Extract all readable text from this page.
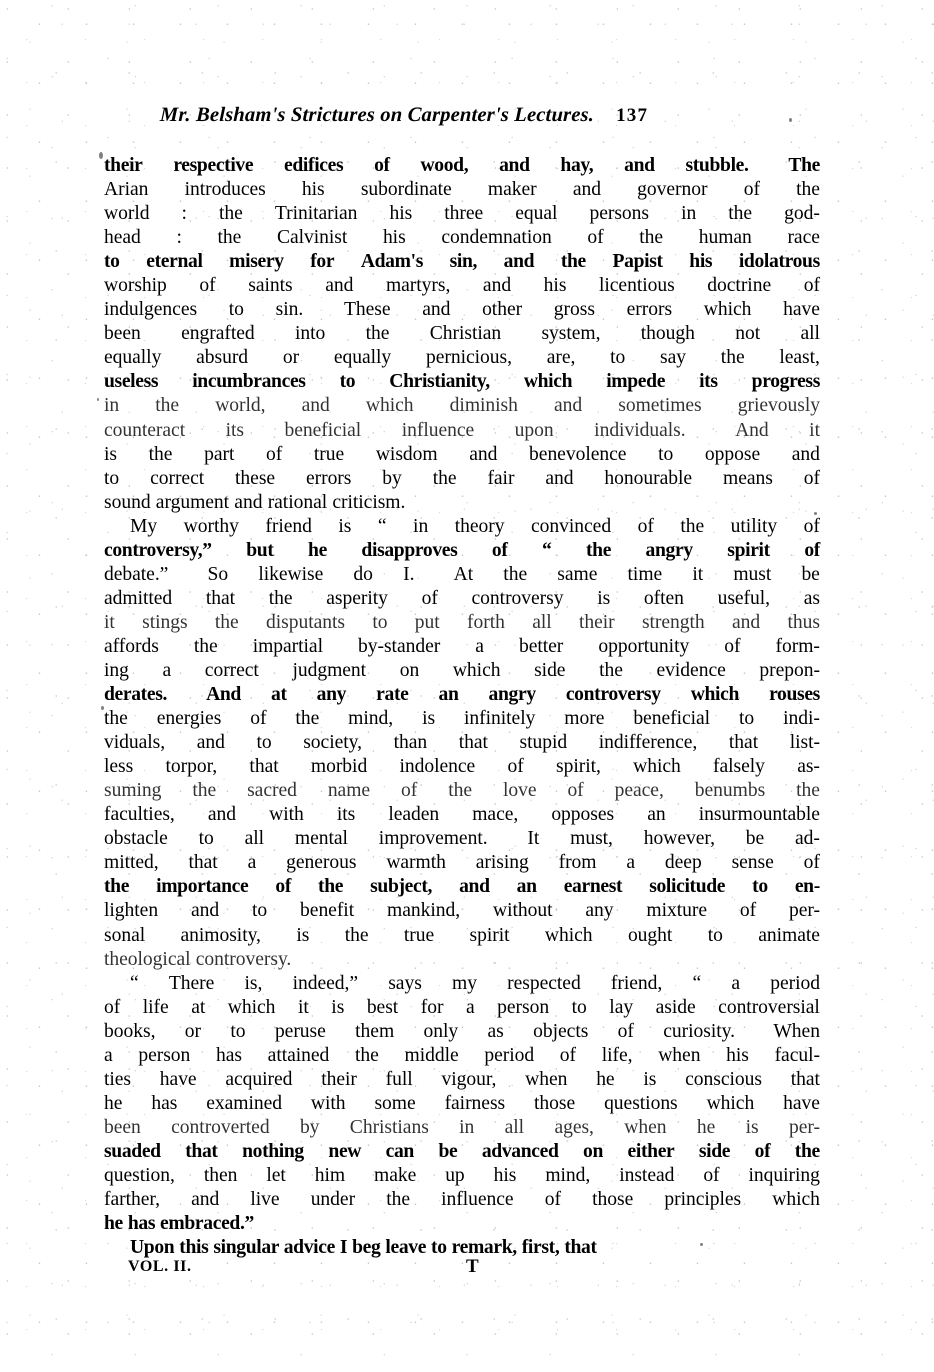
Mr. Belsham's Strictures on Carpenter's Lectures. 137

their respective edifices of wood, and hay, and stubble. The
Arian introduces his subordinate maker and governor of the
world : the Trinitarian his three equal persons in the god-
head : the Calvinist his condemnation of the human race
to eternal misery for Adam's sin, and the Papist his idolatrous
worship of saints and martyrs, and his licentious doctrine of
indulgences to sin. These and other gross errors which have
been engrafted into the Christian system, though not all
equally absurd or equally pernicious, are, to say the least,
useless incumbrances to Christianity, which impede its progress
in the world, and which diminish and sometimes grievously
counteract its beneficial influence upon individuals.	And it
is the part of true wisdom and benevolence to oppose and
to correct these errors by the fair and honourable means of
sound argument and rational criticism.

My worthy friend is “ in theory convinced of the utility of
controversy,” but he disapproves of “ the angry spirit of
debate.” So likewise do I. At the same time it must be
admitted that the asperity of controversy is often useful, as
it stings the disputants to put forth all their strength and thus
affords the impartial by-stander a better opportunity of form-
ing a correct judgment on which side the evidence prepon-
derates. And at any rate an angry controversy which rouses
the energies of the mind, is infinitely more beneficial to indi-
viduals, and to society, than that stupid indifference, that list-
less torpor, that morbid indolence of spirit, which falsely as-
suming the sacred name of the love of peace, benumbs the
faculties, and with its leaden mace, opposes an insurmountable
obstacle to all mental improvement. It must, however, be ad-
mitted, that a generous warmth arising from a deep sense of
the importance of the subject, and an earnest solicitude to en-
lighten and to benefit mankind, without any mixture of per-
sonal animosity, is the true spirit which ought to animate
theological controversy.

“ There is, indeed,” says my respected friend, “ a period
of life at which it is best for a person to lay aside controversial
books, or to peruse them only as objects of curiosity. When
a person has attained the middle period of life, when his facul-
ties have acquired their full vigour, when he is conscious that
he has examined with some fairness those questions which have
been controverted by Christians in all ages, when he is per-
suaded that nothing new can be advanced on either side of the
question, then let him make up his mind, instead of inquiring
farther, and live under the influence of those principles which
he has embraced.”

Upon this singular advice I beg leave to remark, first, that

VOL. II.	T
